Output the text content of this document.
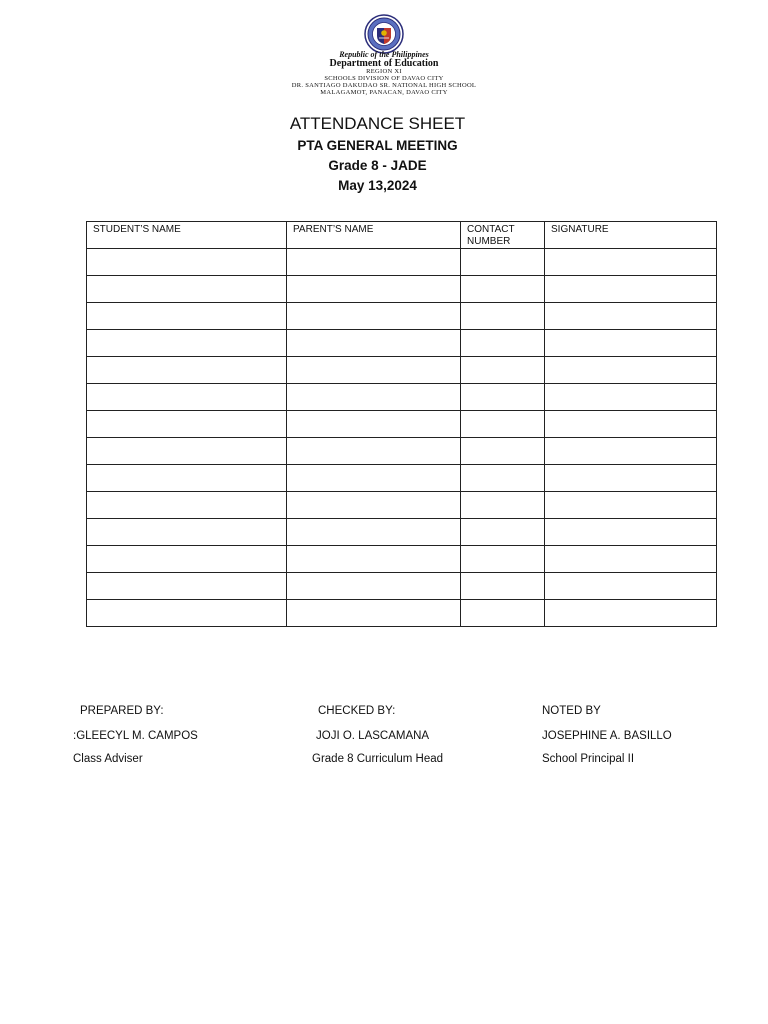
Republic of the Philippines
Department of Education
REGION XI
SCHOOLS DIVISION OF DAVAO CITY
DR. SANTIAGO DAKUDAO SR. NATIONAL HIGH SCHOOL
MALAGAMOT, PANACAN, DAVAO CITY
ATTENDANCE SHEET
PTA GENERAL MEETING
Grade 8 - JADE
May 13,2024
STUDENT’S NAME	PARENT’S NAME	CONTACT NUMBER	SIGNATURE

PREPARED BY:	CHECKED BY:	NOTED BY
:GLEECYL M. CAMPOS	JOJI O. LASCAMANA	JOSEPHINE A. BASILLO
Class Adviser	Grade 8 Curriculum Head	School Principal II
